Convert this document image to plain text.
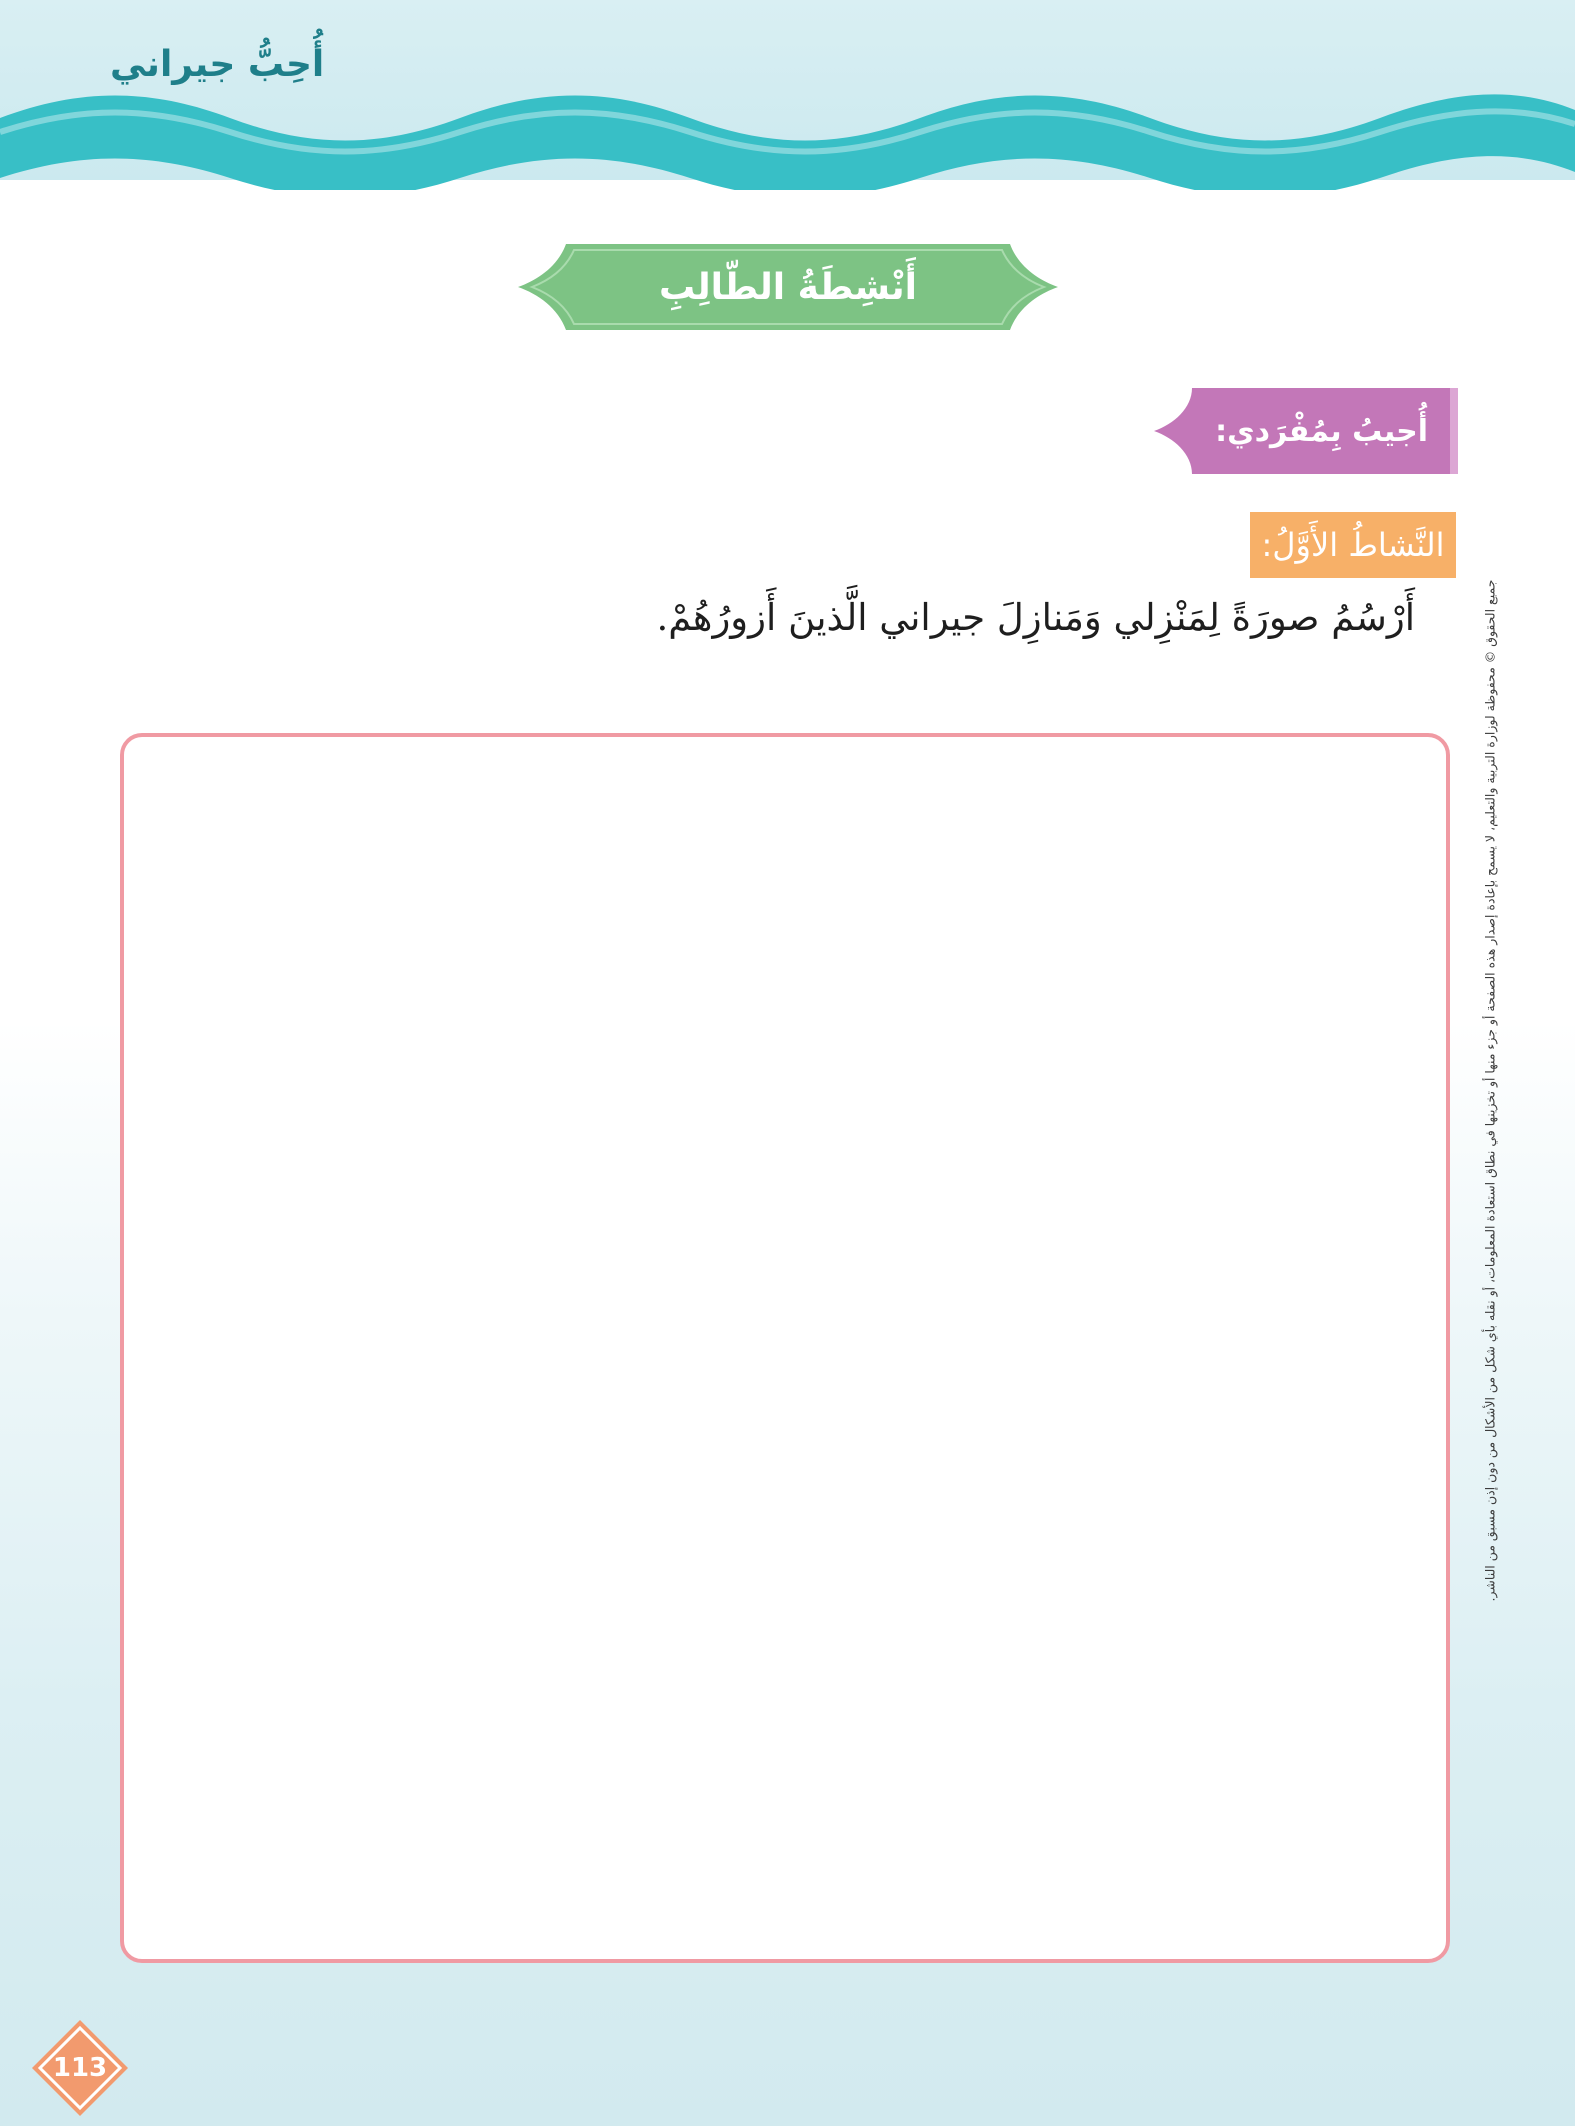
أُحِبُّ جيراني
أَنْشِطَةُ الطّالِبِ
أُجيبُ بِمُفْرَدي:
النَّشاطُ الأَوَّلُ:

أَرْسُمُ صورَةً لِمَنْزِلي وَمَنازِلَ جيراني الَّذينَ أَزورُهُمْ.	جميع الحقوق © محفوظة لوزارة التربية والتعليم، لا يسمح بإعادة إصدار هذه الصفحة أو جزء منها أو تخزينها في نطاق استعادة المعلومات، أو نقله بأي شكل من الأشكال من دون إذن مسبق من الناشر.
113
